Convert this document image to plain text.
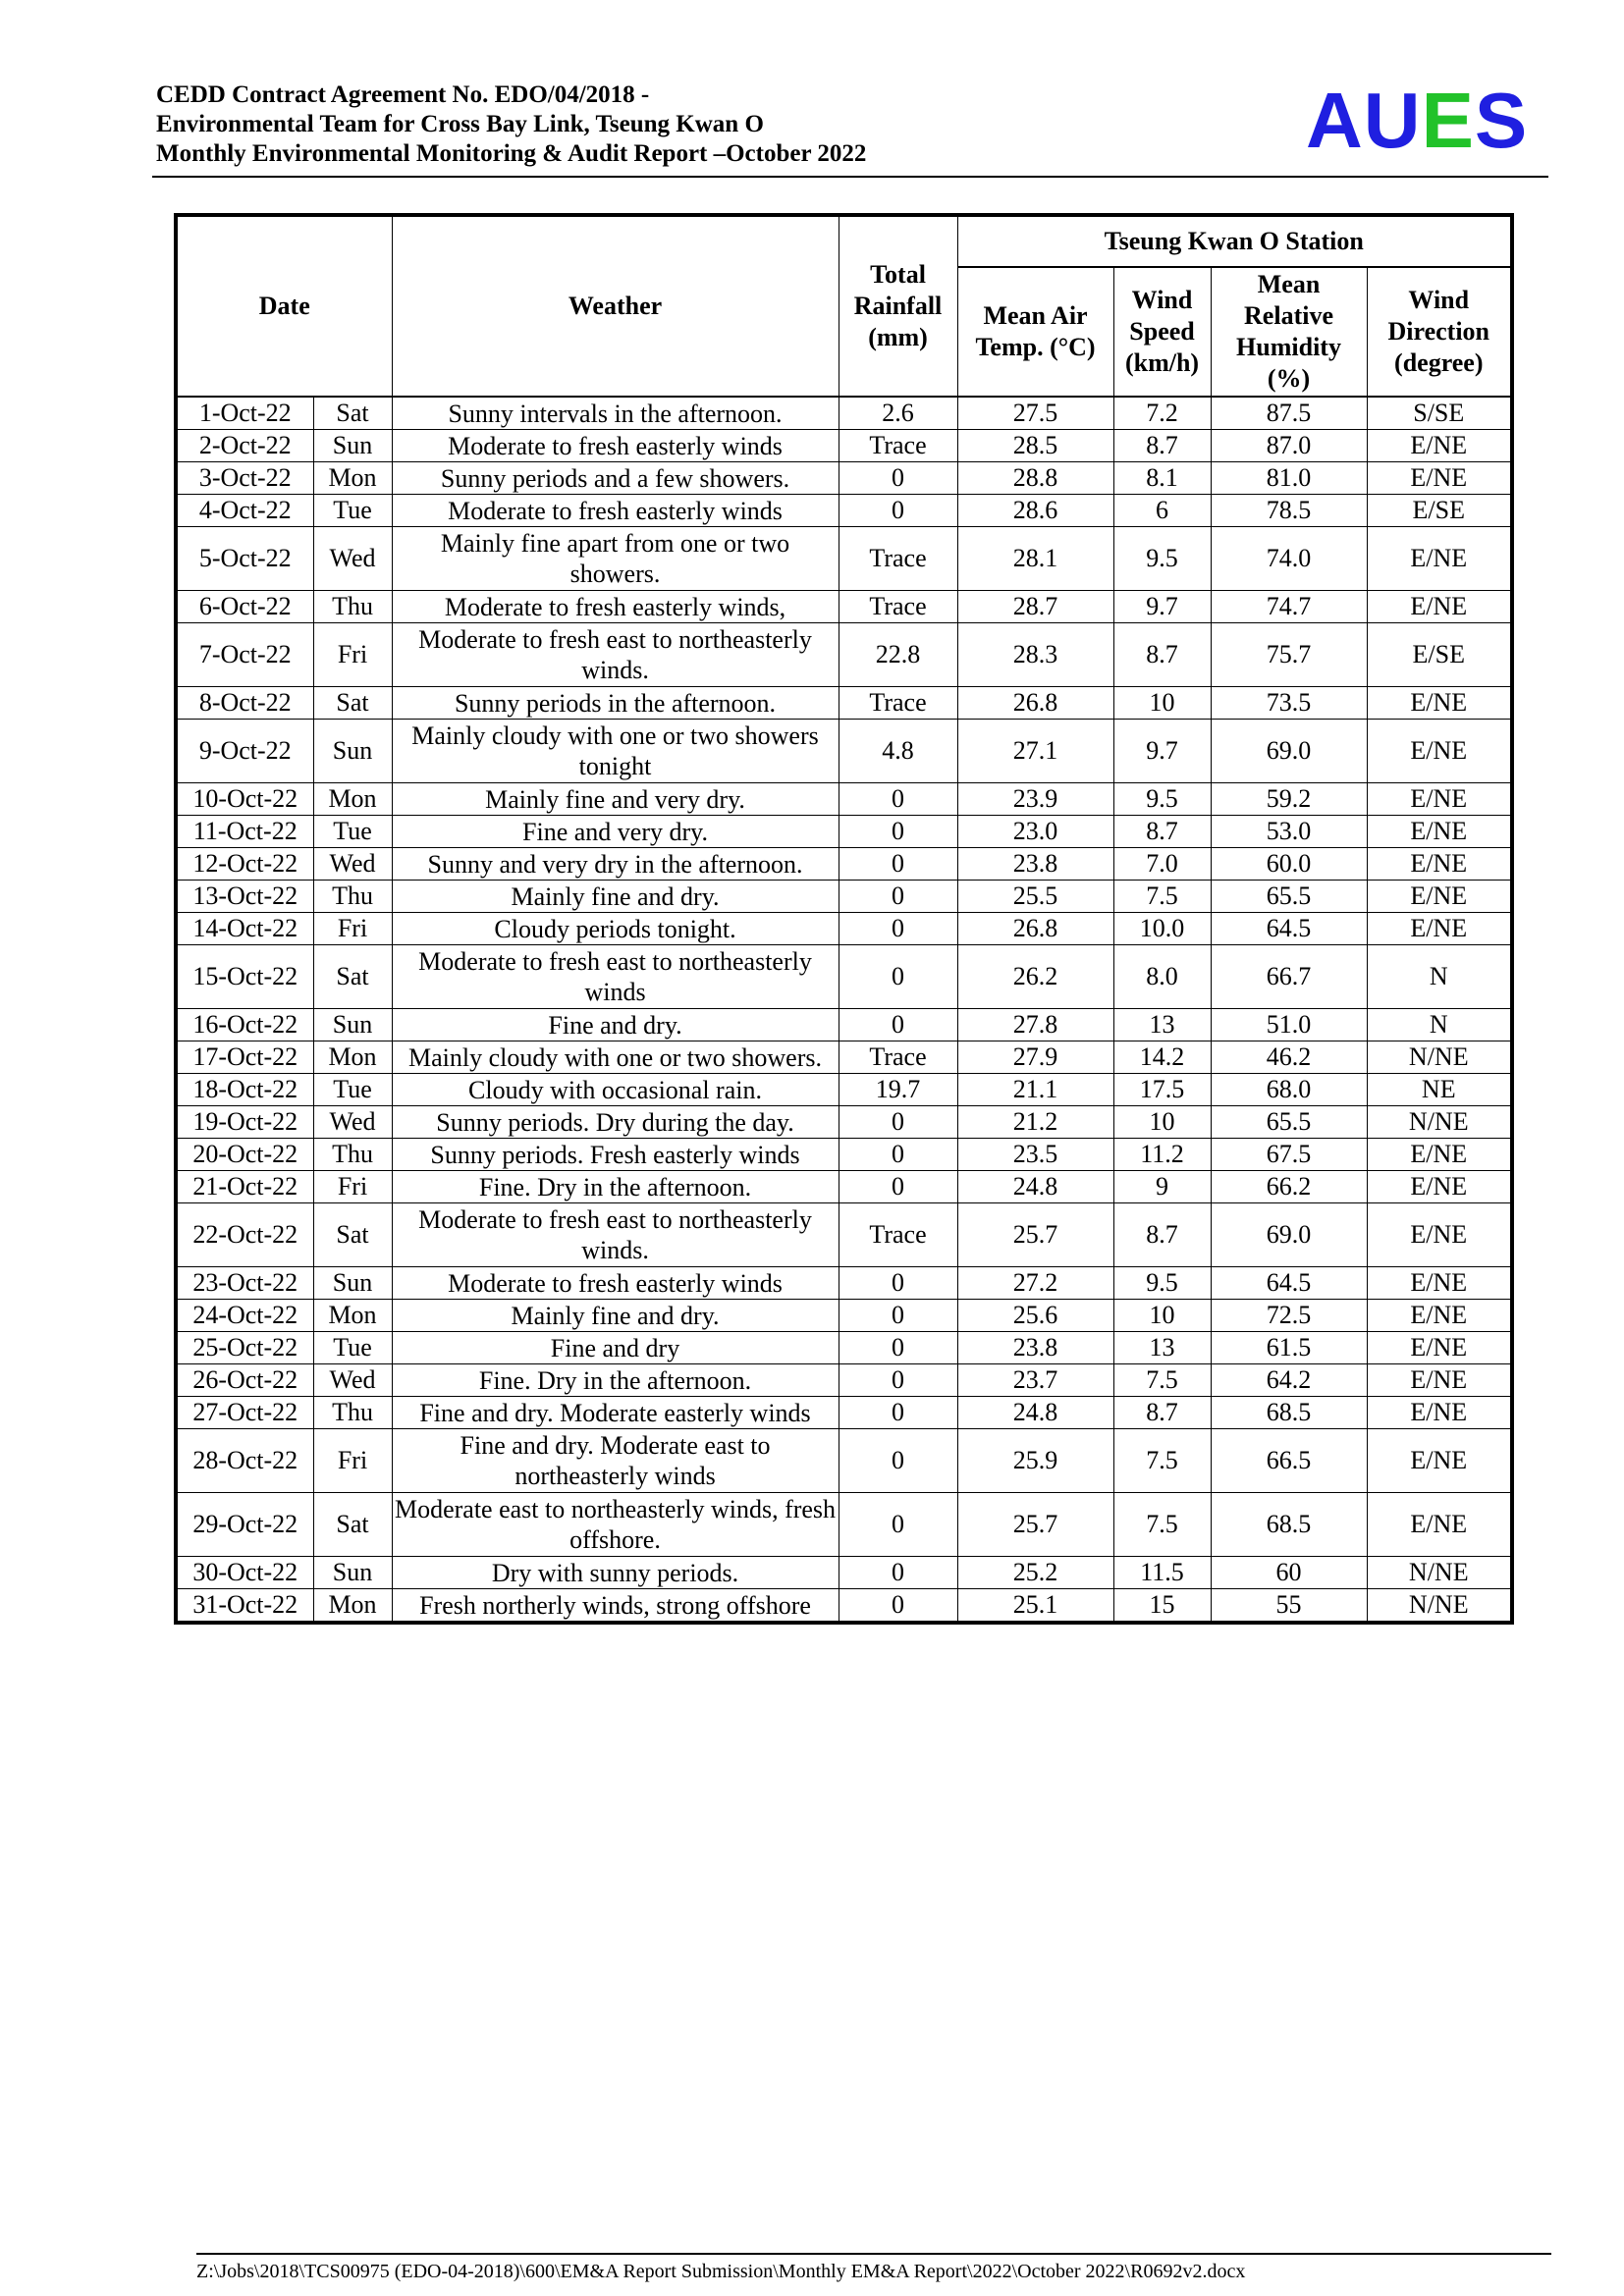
CEDD Contract Agreement No. EDO/04/2018 -
Environmental Team for Cross Bay Link, Tseung Kwan O
Monthly Environmental Monitoring & Audit Report –October 2022	AUES
Date		Weather	Total Rainfall (mm)	Tseung Kwan O Station			
				Mean Air Temp. (°C)	Wind Speed (km/h)	Mean Relative Humidity (%)	Wind Direction (degree)
1-Oct-22	Sat	Sunny intervals in the afternoon.	2.6	27.5	7.2	87.5	S/SE
2-Oct-22	Sun	Moderate to fresh easterly winds	Trace	28.5	8.7	87.0	E/NE
3-Oct-22	Mon	Sunny periods and a few showers.	0	28.8	8.1	81.0	E/NE
4-Oct-22	Tue	Moderate to fresh easterly winds	0	28.6	6	78.5	E/SE
5-Oct-22	Wed	Mainly fine apart from one or two showers.	Trace	28.1	9.5	74.0	E/NE
6-Oct-22	Thu	Moderate to fresh easterly winds,	Trace	28.7	9.7	74.7	E/NE
7-Oct-22	Fri	Moderate to fresh east to northeasterly winds.	22.8	28.3	8.7	75.7	E/SE
8-Oct-22	Sat	Sunny periods in the afternoon.	Trace	26.8	10	73.5	E/NE
9-Oct-22	Sun	Mainly cloudy with one or two showers tonight	4.8	27.1	9.7	69.0	E/NE
10-Oct-22	Mon	Mainly fine and very dry.	0	23.9	9.5	59.2	E/NE
11-Oct-22	Tue	Fine and very dry.	0	23.0	8.7	53.0	E/NE
12-Oct-22	Wed	Sunny and very dry in the afternoon.	0	23.8	7.0	60.0	E/NE
13-Oct-22	Thu	Mainly fine and dry.	0	25.5	7.5	65.5	E/NE
14-Oct-22	Fri	Cloudy periods tonight.	0	26.8	10.0	64.5	E/NE
15-Oct-22	Sat	Moderate to fresh east to northeasterly winds	0	26.2	8.0	66.7	N
16-Oct-22	Sun	Fine and dry.	0	27.8	13	51.0	N
17-Oct-22	Mon	Mainly cloudy with one or two showers.	Trace	27.9	14.2	46.2	N/NE
18-Oct-22	Tue	Cloudy with occasional rain.	19.7	21.1	17.5	68.0	NE
19-Oct-22	Wed	Sunny periods. Dry during the day.	0	21.2	10	65.5	N/NE
20-Oct-22	Thu	Sunny periods. Fresh easterly winds	0	23.5	11.2	67.5	E/NE
21-Oct-22	Fri	Fine. Dry in the afternoon.	0	24.8	9	66.2	E/NE
22-Oct-22	Sat	Moderate to fresh east to northeasterly winds.	Trace	25.7	8.7	69.0	E/NE
23-Oct-22	Sun	Moderate to fresh easterly winds	0	27.2	9.5	64.5	E/NE
24-Oct-22	Mon	Mainly fine and dry.	0	25.6	10	72.5	E/NE
25-Oct-22	Tue	Fine and dry	0	23.8	13	61.5	E/NE
26-Oct-22	Wed	Fine. Dry in the afternoon.	0	23.7	7.5	64.2	E/NE
27-Oct-22	Thu	Fine and dry. Moderate easterly winds	0	24.8	8.7	68.5	E/NE
28-Oct-22	Fri	Fine and dry. Moderate east to northeasterly winds	0	25.9	7.5	66.5	E/NE
29-Oct-22	Sat	Moderate east to northeasterly winds, fresh offshore.	0	25.7	7.5	68.5	E/NE
30-Oct-22	Sun	Dry with sunny periods.	0	25.2	11.5	60	N/NE
31-Oct-22	Mon	Fresh northerly winds, strong offshore	0	25.1	15	55	N/NE
Z:\Jobs\2018\TCS00975 (EDO-04-2018)\600\EM&A Report Submission\Monthly EM&A Report\2022\October 2022\R0692v2.docx
